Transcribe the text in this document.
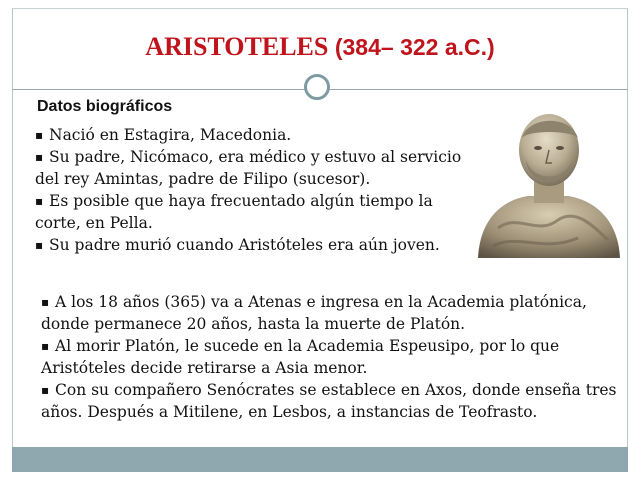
ARISTOTELES (384– 322 a.C.)
Datos biográficos

▪ Nació en Estagira, Macedonia.

▪ Su padre, Nicómaco, era médico y estuvo al servicio del rey Amintas, padre de Filipo (sucesor).

▪ Es posible que haya frecuentado algún tiempo la corte, en Pella.

▪ Su padre murió cuando Aristóteles era aún joven.

▪ A los 18 años (365) va a Atenas e ingresa en la Academia platónica, donde permanece 20 años, hasta la muerte de Platón.

▪ Al morir Platón, le sucede en la Academia Espeusipo, por lo que Aristóteles decide retirarse a Asia menor.

▪ Con su compañero Senócrates se establece en Axos, donde enseña tres años. Después a Mitilene, en Lesbos, a instancias de Teofrasto.
